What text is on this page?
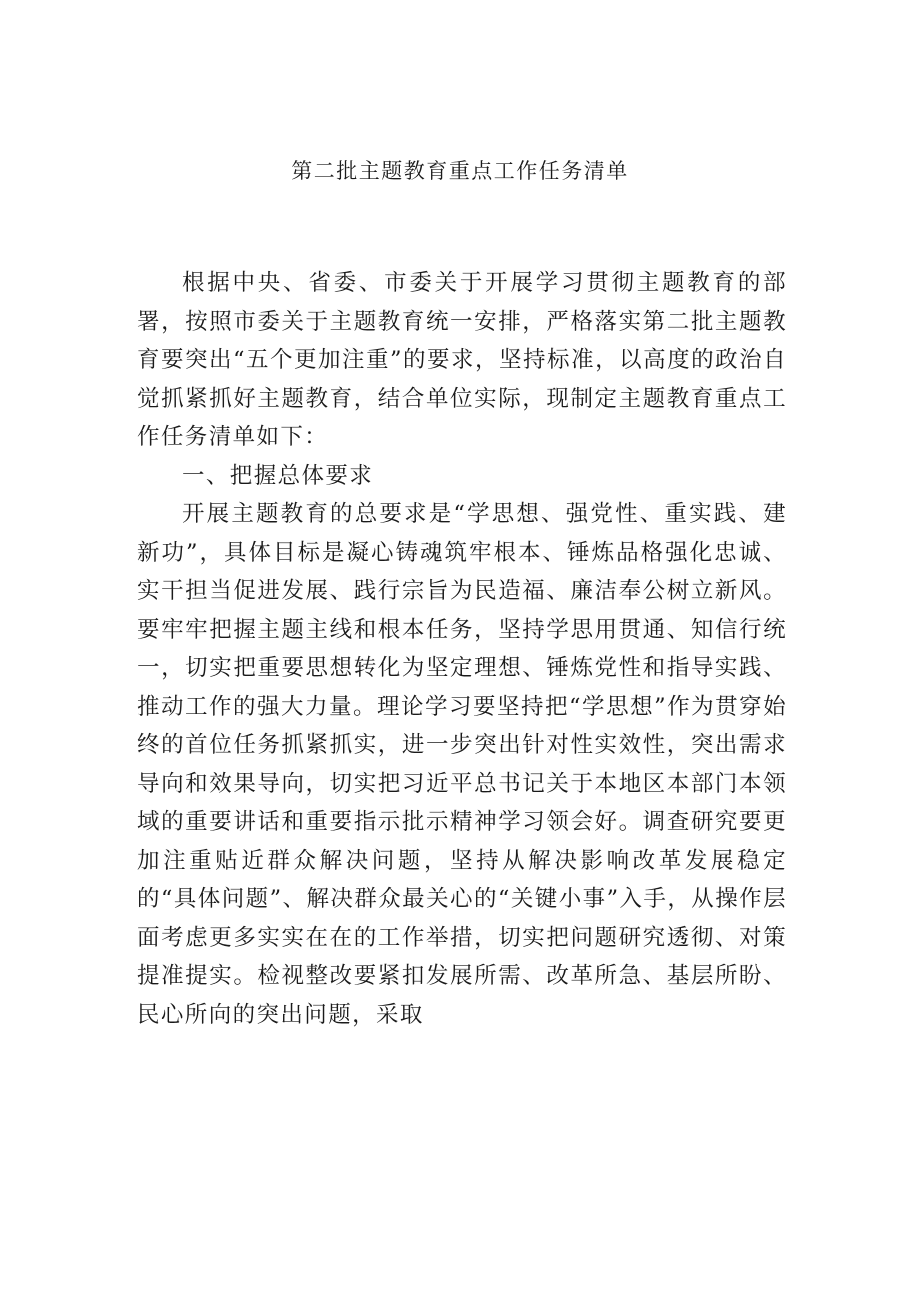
第二批主题教育重点工作任务清单

根据中央、省委、市委关于开展学习贯彻主题教育的部署，按照市委关于主题教育统一安排，严格落实第二批主题教育要突出“五个更加注重”的要求，坚持标准，以高度的政治自觉抓紧抓好主题教育，结合单位实际，现制定主题教育重点工作任务清单如下：

一、把握总体要求

开展主题教育的总要求是“学思想、强党性、重实践、建新功”，具体目标是凝心铸魂筑牢根本、锤炼品格强化忠诚、实干担当促进发展、践行宗旨为民造福、廉洁奉公树立新风。要牢牢把握主题主线和根本任务，坚持学思用贯通、知信行统一，切实把重要思想转化为坚定理想、锤炼党性和指导实践、推动工作的强大力量。理论学习要坚持把“学思想”作为贯穿始终的首位任务抓紧抓实，进一步突出针对性实效性，突出需求导向和效果导向，切实把习近平总书记关于本地区本部门本领域的重要讲话和重要指示批示精神学习领会好。调查研究要更加注重贴近群众解决问题，坚持从解决影响改革发展稳定的“具体问题”、解决群众最关心的“关键小事”入手，从操作层面考虑更多实实在在的工作举措，切实把问题研究透彻、对策提准提实。检视整改要紧扣发展所需、改革所急、基层所盼、民心所向的突出问题，采取
